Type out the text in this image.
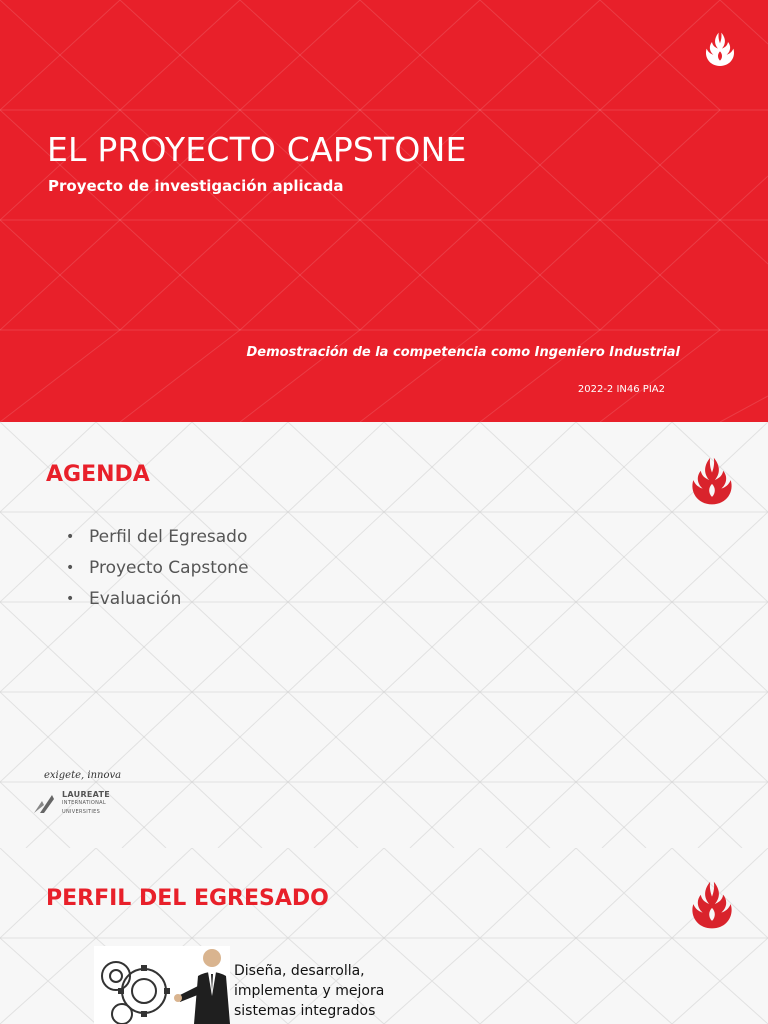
EL PROYECTO CAPSTONE
Proyecto de investigación aplicada
Demostración de la competencia como Ingeniero Industrial
2022-2 IN46 PIA2
AGENDA
• Perfil del Egresado
• Proyecto Capstone
• Evaluación
exigete, innova
LAUREATE
INTERNATIONAL
UNIVERSITIES
PERFIL DEL EGRESADO
Diseña, desarrolla, implementa y mejora sistemas integrados
